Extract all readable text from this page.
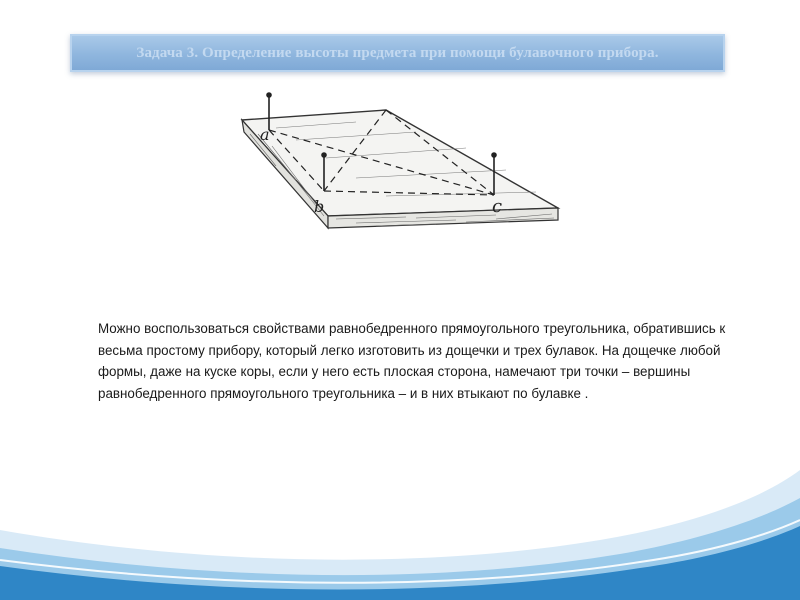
Задача 3. Определение высоты предмета при помощи булавочного прибора.
a
b	c

Можно воспользоваться свойствами равнобедренного прямоугольного треугольника, обратившись к весьма простому прибору, который легко изготовить из дощечки и трех булавок. На дощечке любой формы, даже на куске коры, если у него есть плоская сторона, намечают три точки – вершины равнобедренного прямоугольного треугольника – и в них втыкают по булавке .
